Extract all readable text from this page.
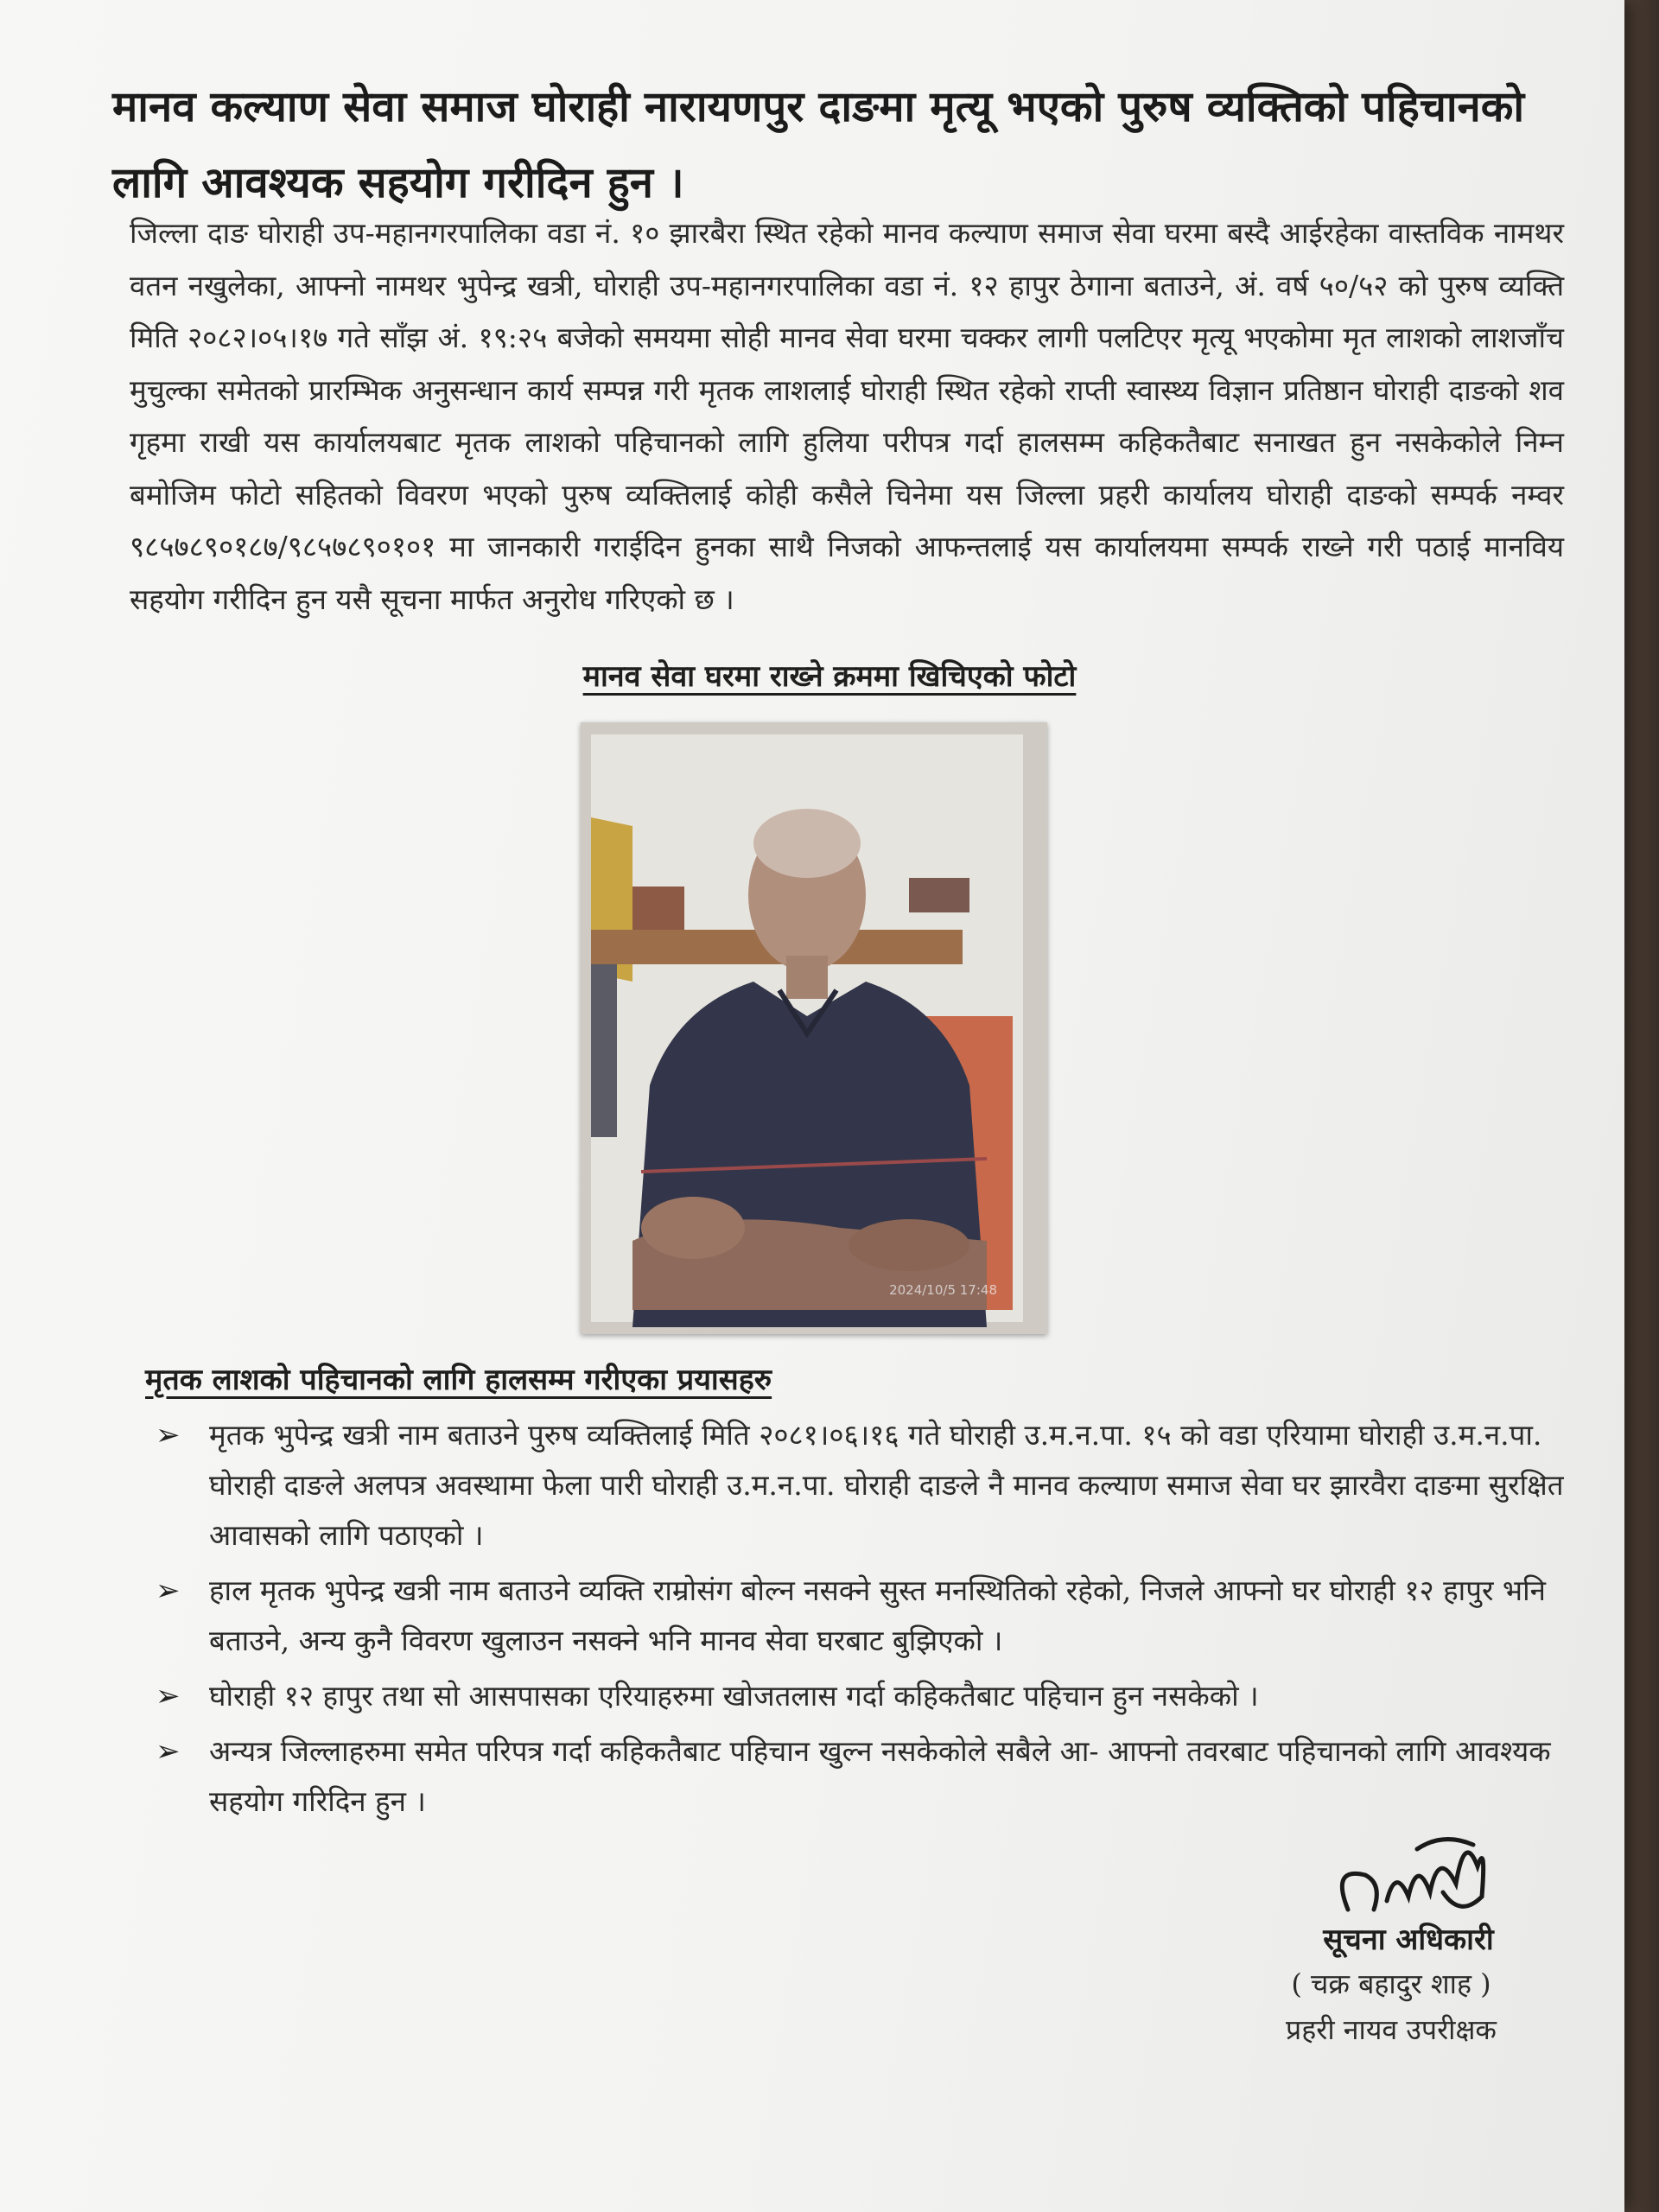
मानव कल्याण सेवा समाज घोराही नारायणपुर दाङमा मृत्यू भएको पुरुष व्यक्तिको पहिचानको लागि आवश्यक सहयोग गरीदिन हुन ।

जिल्ला दाङ घोराही उप-महानगरपालिका वडा नं. १० झारबैरा स्थित रहेको मानव कल्याण समाज सेवा घरमा बस्दै आईरहेका वास्तविक नामथर वतन नखुलेका, आफ्नो नामथर भुपेन्द्र खत्री, घोराही उप-महानगरपालिका वडा नं. १२ हापुर ठेगाना बताउने, अं. वर्ष ५०/५२ को पुरुष व्यक्ति मिति २०८२।०५।१७ गते साँझ अं. १९:२५ बजेको समयमा सोही मानव सेवा घरमा चक्कर लागी पलटिएर मृत्यू भएकोमा मृत लाशको लाशजाँच मुचुल्का समेतको प्रारम्भिक अनुसन्धान कार्य सम्पन्न गरी मृतक लाशलाई घोराही स्थित रहेको राप्ती स्वास्थ्य विज्ञान प्रतिष्ठान घोराही दाङको शव गृहमा राखी यस कार्यालयबाट मृतक लाशको पहिचानको लागि हुलिया परीपत्र गर्दा हालसम्म कहिकतैबाट सनाखत हुन नसकेकोले निम्न बमोजिम फोटो सहितको विवरण भएको पुरुष व्यक्तिलाई कोही कसैले चिनेमा यस जिल्ला प्रहरी कार्यालय घोराही दाङको सम्पर्क नम्वर ९८५७८९०१८७/९८५७८९०१०१ मा जानकारी गराईदिन हुनका साथै निजको आफन्तलाई यस कार्यालयमा सम्पर्क राख्ने गरी पठाई मानविय सहयोग गरीदिन हुन यसै सूचना मार्फत अनुरोध गरिएको छ ।

मानव सेवा घरमा राख्ने क्रममा खिचिएको फोटो

2024/10/5 17:48
मृतक लाशको पहिचानको लागि हालसम्म गरीएका प्रयासहरु
➢ मृतक भुपेन्द्र खत्री नाम बताउने पुरुष व्यक्तिलाई मिति २०८१।०६।१६ गते घोराही उ.म.न.पा. १५ को वडा एरियामा घोराही उ.म.न.पा. घोराही दाङले अलपत्र अवस्थामा फेला पारी घोराही उ.म.न.पा. घोराही दाङले नै मानव कल्याण समाज सेवा घर झारवैरा दाङमा सुरक्षित आवासको लागि पठाएको ।
➢ हाल मृतक भुपेन्द्र खत्री नाम बताउने व्यक्ति राम्रोसंग बोल्न नसक्ने सुस्त मनस्थितिको रहेको, निजले आफ्नो घर घोराही १२ हापुर भनि बताउने, अन्य कुनै विवरण खुलाउन नसक्ने भनि मानव सेवा घरबाट बुझिएको ।
➢ घोराही १२ हापुर तथा सो आसपासका एरियाहरुमा खोजतलास गर्दा कहिकतैबाट पहिचान हुन नसकेको ।
➢ अन्यत्र जिल्लाहरुमा समेत परिपत्र गर्दा कहिकतैबाट पहिचान खुल्न नसकेकोले सबैले आ- आफ्नो तवरबाट पहिचानको लागि आवश्यक सहयोग गरिदिन हुन ।

सूचना अधिकारी

( चक्र बहादुर शाह )

प्रहरी नायव उपरीक्षक
